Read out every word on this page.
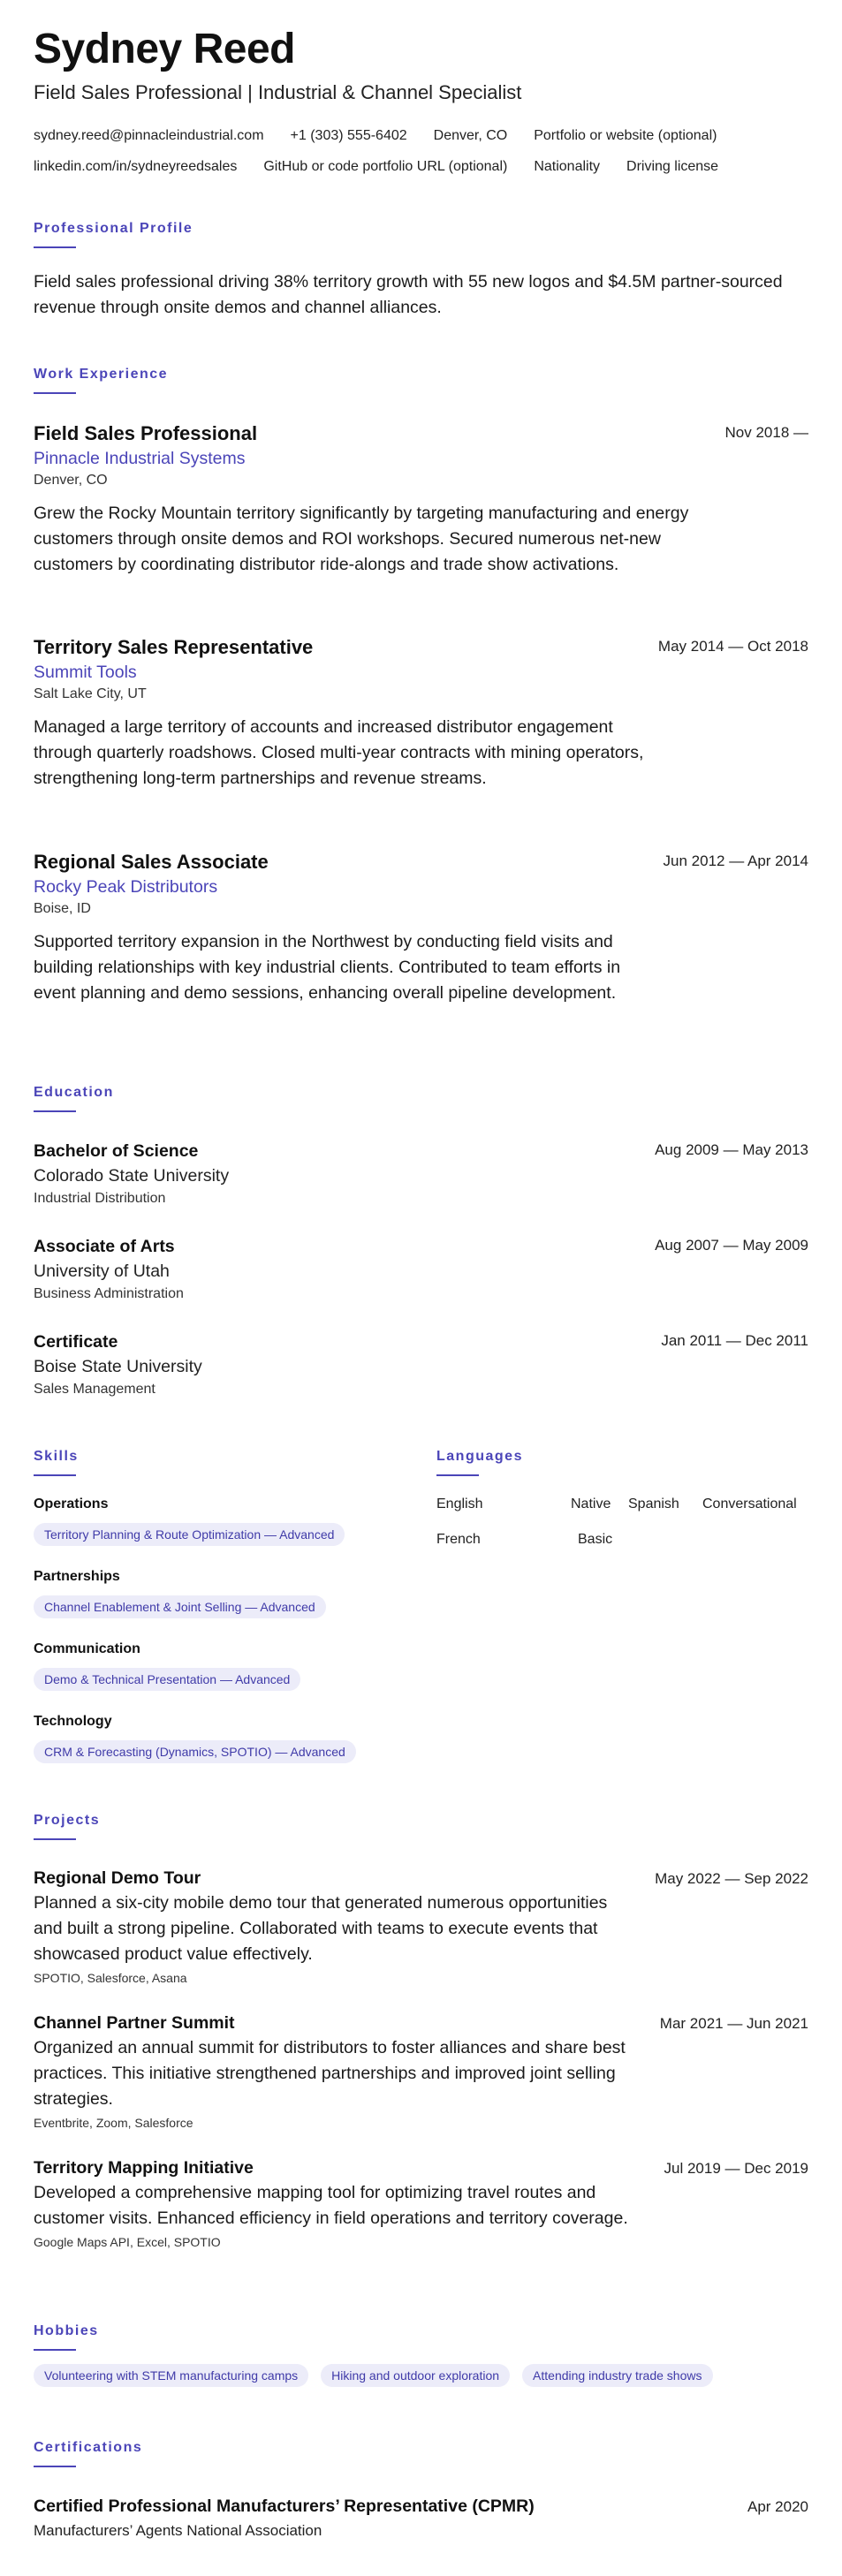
Sydney Reed
Field Sales Professional | Industrial & Channel Specialist
sydney.reed@pinnacleindustrial.com +1 (303) 555-6402 Denver, CO Portfolio or website (optional)
linkedin.com/in/sydneyreedsales GitHub or code portfolio URL (optional) Nationality Driving license
Professional Profile

Field sales professional driving 38% territory growth with 55 new logos and $4.5M partner-sourced revenue through onsite demos and channel alliances.

Work Experience
Field Sales Professional
Pinnacle Industrial Systems
Denver, CO

Grew the Rocky Mountain territory significantly by targeting manufacturing and energy customers through onsite demos and ROI workshops. Secured numerous net-new customers by coordinating distributor ride-alongs and trade show activations.

Nov 2018 —
Territory Sales Representative
Summit Tools
Salt Lake City, UT

Managed a large territory of accounts and increased distributor engagement through quarterly roadshows. Closed multi-year contracts with mining operators, strengthening long-term partnerships and revenue streams.

May 2014 — Oct 2018
Regional Sales Associate
Rocky Peak Distributors
Boise, ID

Supported territory expansion in the Northwest by conducting field visits and building relationships with key industrial clients. Contributed to team efforts in event planning and demo sessions, enhancing overall pipeline development.

Jun 2012 — Apr 2014
Education
Bachelor of Science
Colorado State University
Industrial Distribution
Aug 2009 — May 2013
Associate of Arts
University of Utah
Business Administration
Aug 2007 — May 2009
Certificate
Boise State University
Sales Management
Jan 2011 — Dec 2011
Skills
Operations
Territory Planning & Route Optimization — Advanced
Partnerships
Channel Enablement & Joint Selling — Advanced
Communication
Demo & Technical Presentation — Advanced
Technology
CRM & Forecasting (Dynamics, SPOTIO) — Advanced
Languages
English	Native Spanish Conversational
French	Basic
Projects
Regional Demo Tour

Planned a six-city mobile demo tour that generated numerous opportunities and built a strong pipeline. Collaborated with teams to execute events that showcased product value effectively.

SPOTIO, Salesforce, Asana
May 2022 — Sep 2022
Channel Partner Summit

Organized an annual summit for distributors to foster alliances and share best practices. This initiative strengthened partnerships and improved joint selling strategies.

Eventbrite, Zoom, Salesforce
Mar 2021 — Jun 2021
Territory Mapping Initiative

Developed a comprehensive mapping tool for optimizing travel routes and customer visits. Enhanced efficiency in field operations and territory coverage.

Google Maps API, Excel, SPOTIO
Jul 2019 — Dec 2019
Hobbies
Volunteering with STEM manufacturing camps	Hiking and outdoor exploration	Attending industry trade shows
Certifications
Certified Professional Manufacturers’ Representative (CPMR)
Manufacturers’ Agents National Association
Apr 2020
